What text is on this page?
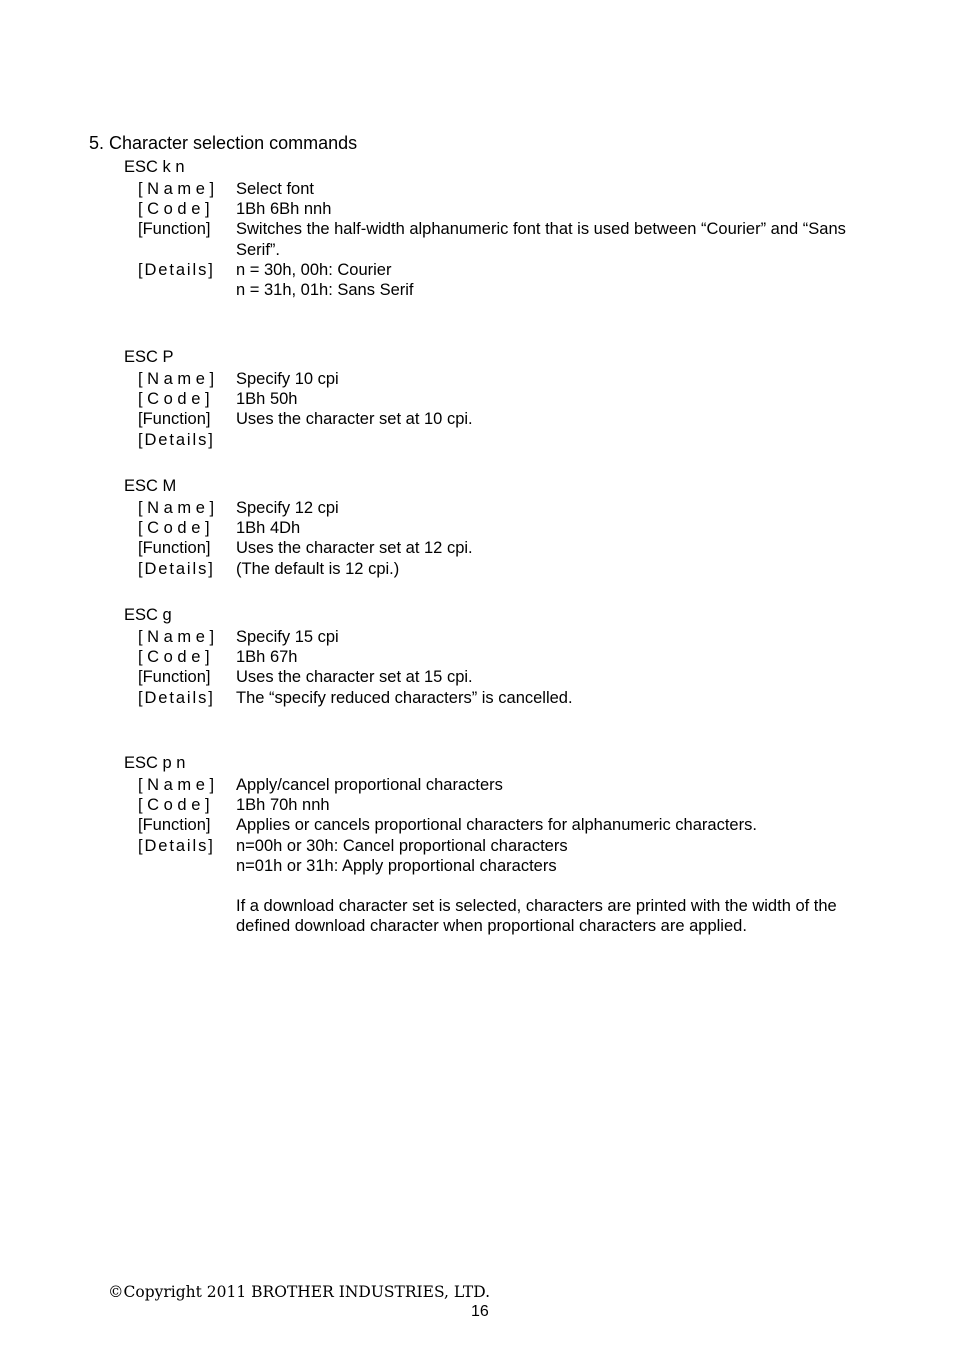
5. Character selection commands
ESC k n
[ N a m e ]	Select font
[ C o d e ]	1Bh 6Bh nnh
[Function]	Switches the half-width alphanumeric font that is used between “Courier” and “Sans Serif”.
[Details]	n = 30h, 00h: Courier
n = 31h, 01h: Sans Serif
ESC P
[ N a m e ]	Specify 10 cpi
[ C o d e ]	1Bh 50h
[Function]	Uses the character set at 10 cpi.
[Details]
ESC M
[ N a m e ]	Specify 12 cpi
[ C o d e ]	1Bh 4Dh
[Function]	Uses the character set at 12 cpi.
[Details]	(The default is 12 cpi.)
ESC g
[ N a m e ]	Specify 15 cpi
[ C o d e ]	1Bh 67h
[Function]	Uses the character set at 15 cpi.
[Details]	The “specify reduced characters” is cancelled.
ESC p n
[ N a m e ]	Apply/cancel proportional characters
[ C o d e ]	1Bh 70h nnh
[Function]	Applies or cancels proportional characters for alphanumeric characters.
[Details]	n=00h or 30h: Cancel proportional characters
n=01h or 31h: Apply proportional characters

If a download character set is selected, characters are printed with the width of the defined download character when proportional characters are applied.
©Copyright 2011 BROTHER INDUSTRIES, LTD.
16
